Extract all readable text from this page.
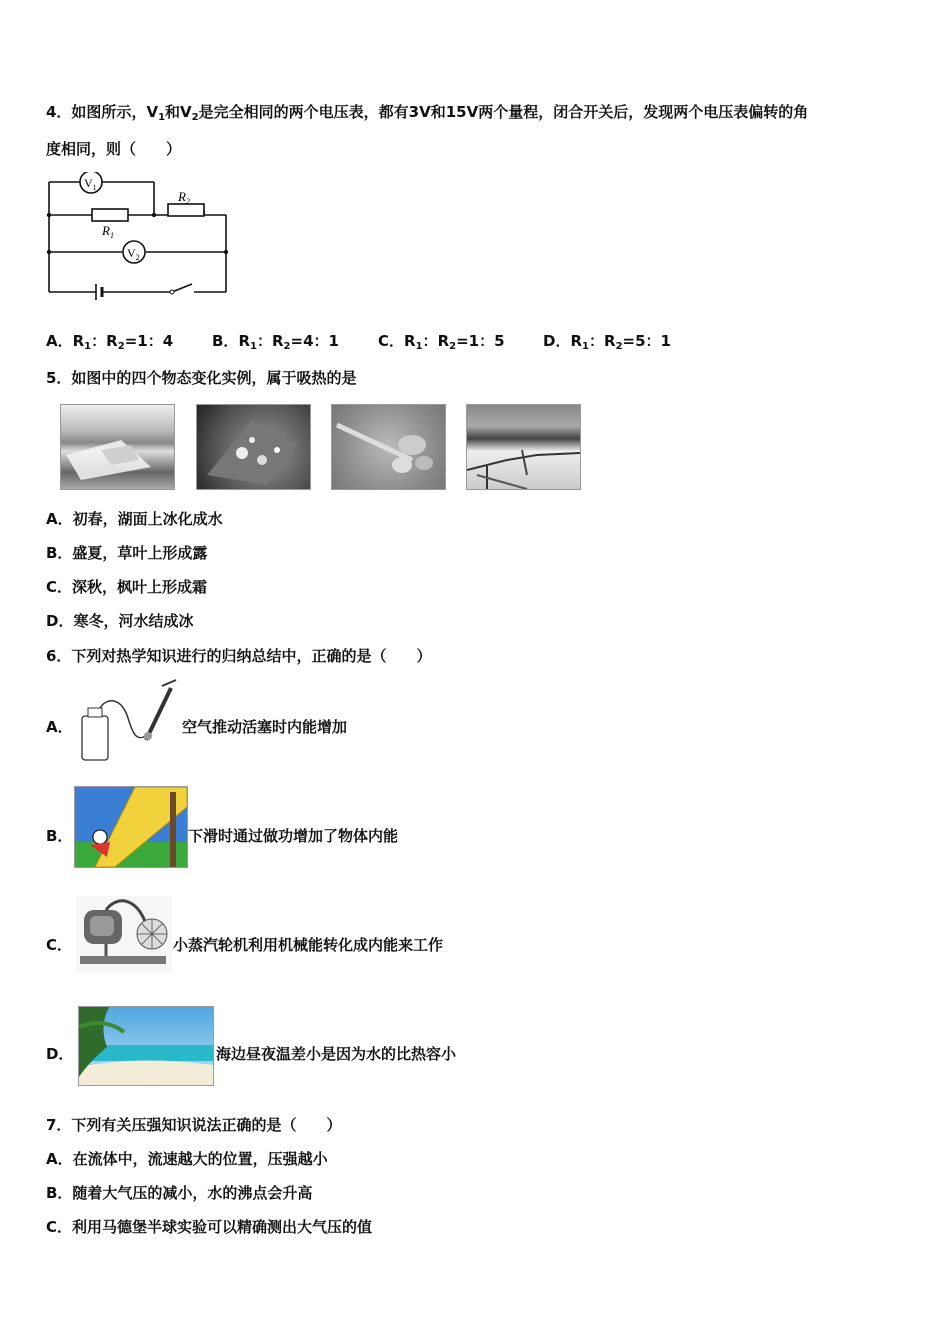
4．如图所示，$V_1$和$V_2$是完全相同的两个电压表，都有3V和15V两个量程，闭合开关后，发现两个电压表偏转的角
度相同，则（　　）
$V_1$
$V_2$
$R_1$
$R_2$
A．$R_1$：$R_2=1$：4	B．$R_1$：$R_2=4$：1	C．$R_1$：$R_2=1$：5	D．$R_1$：$R_2=5$：1
5．如图中的四个物态变化实例，属于吸热的是
A．初春，湖面上冰化成水
B．盛夏，草叶上形成露
C．深秋，枫叶上形成霜
D．寒冬，河水结成冰
6．下列对热学知识进行的归纳总结中，正确的是（　　）
A．	空气推动活塞时内能增加
B．	下滑时通过做功增加了物体内能
C．	小蒸汽轮机利用机械能转化成内能来工作
D．	海边昼夜温差小是因为水的比热容小
7．下列有关压强知识说法正确的是（　　）
A．在流体中，流速越大的位置，压强越小
B．随着大气压的减小，水的沸点会升高
C．利用马德堡半球实验可以精确测出大气压的值
